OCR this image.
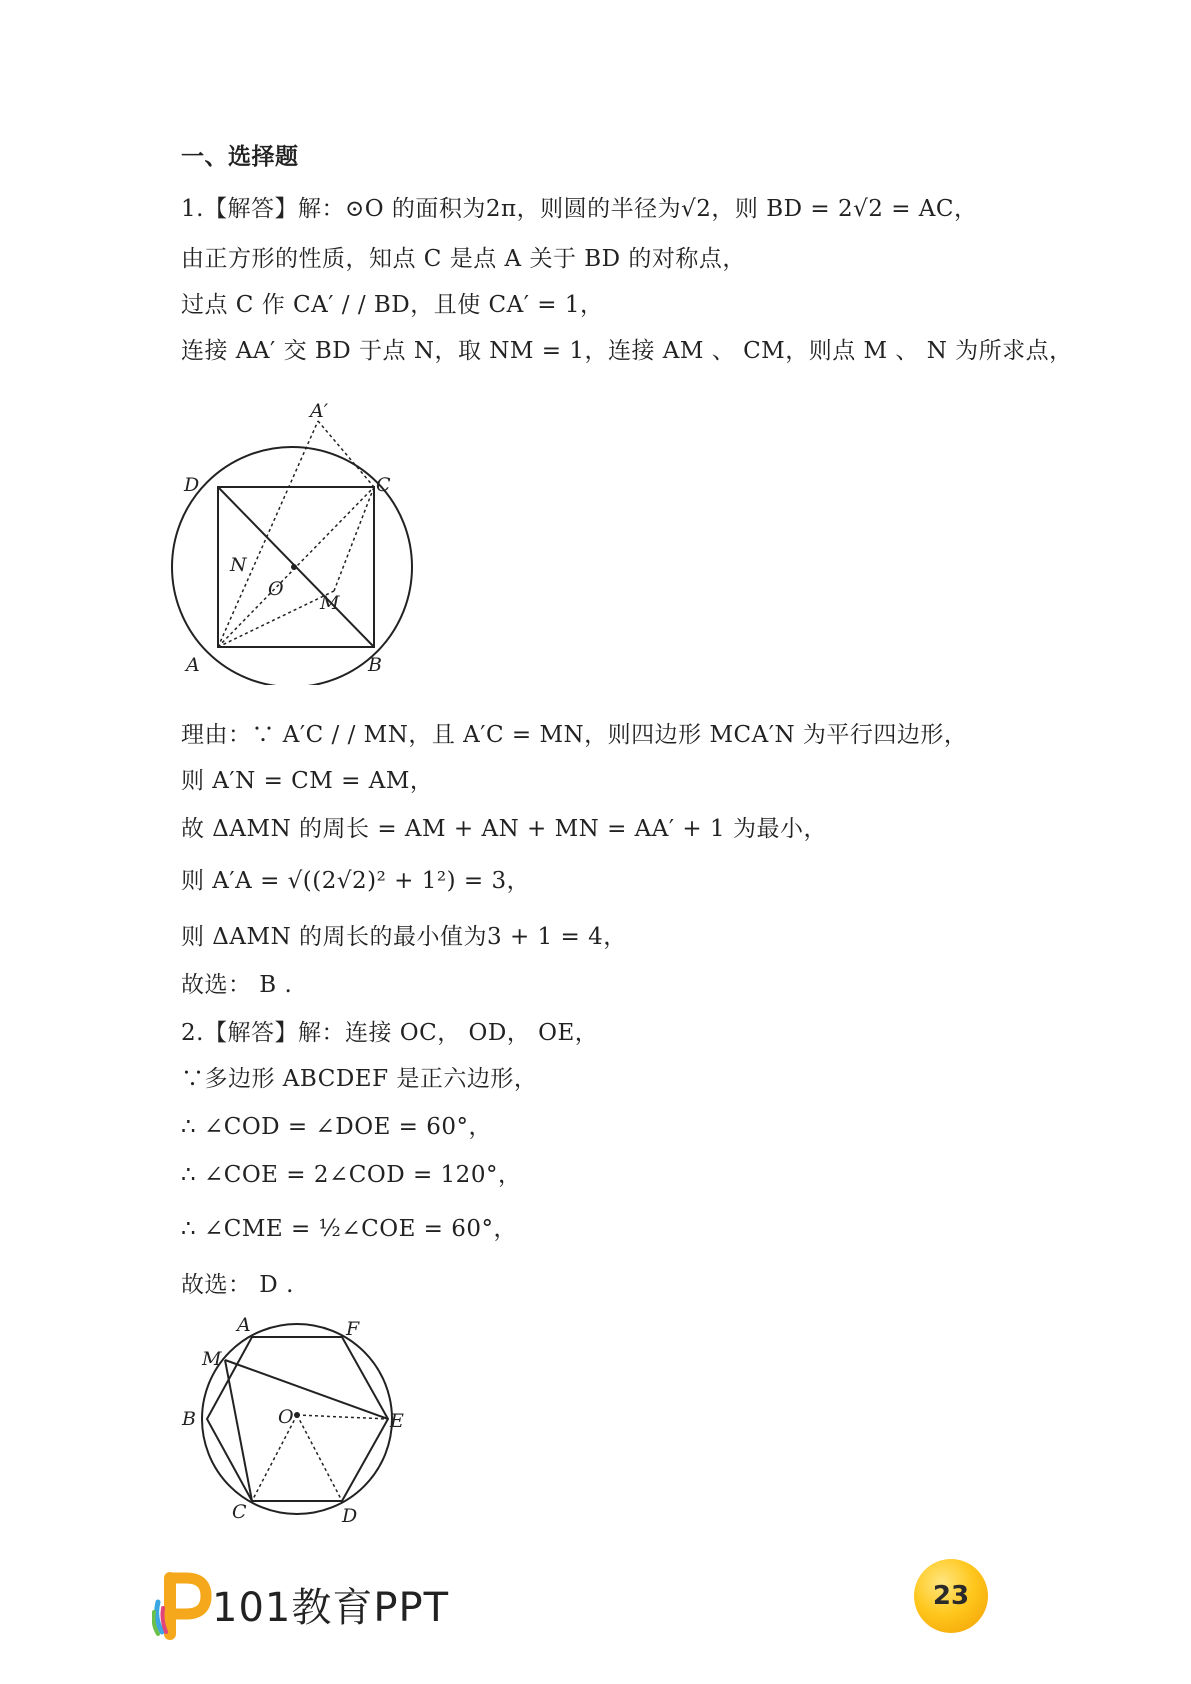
一、选择题
1.【解答】解：⊙O 的面积为2π，则圆的半径为√2，则 BD = 2√2 = AC，
由正方形的性质，知点 C 是点 A 关于 BD 的对称点，
过点 C 作 CA′ / / BD，且使 CA′ = 1，
连接 AA′ 交 BD 于点 N，取 NM = 1，连接 AM 、 CM，则点 M 、 N 为所求点，
A′
D	C
N
O
M
A	B
理由：∵ A′C / / MN，且 A′C = MN，则四边形 MCA′N 为平行四边形，
则 A′N = CM = AM，
故 ΔAMN 的周长 = AM + AN + MN = AA′ + 1 为最小，
则 A′A = √((2√2)² + 1²) = 3，
则 ΔAMN 的周长的最小值为3 + 1 = 4，
故选： B .
2.【解答】解：连接 OC， OD， OE，
∵多边形 ABCDEF 是正六边形，
∴ ∠COD = ∠DOE = 60°，
∴ ∠COE = 2∠COD = 120°，
∴ ∠CME = ½∠COE = 60°，
故选： D .
A	F
M
B	O	E
C	D
101教育PPT	23
